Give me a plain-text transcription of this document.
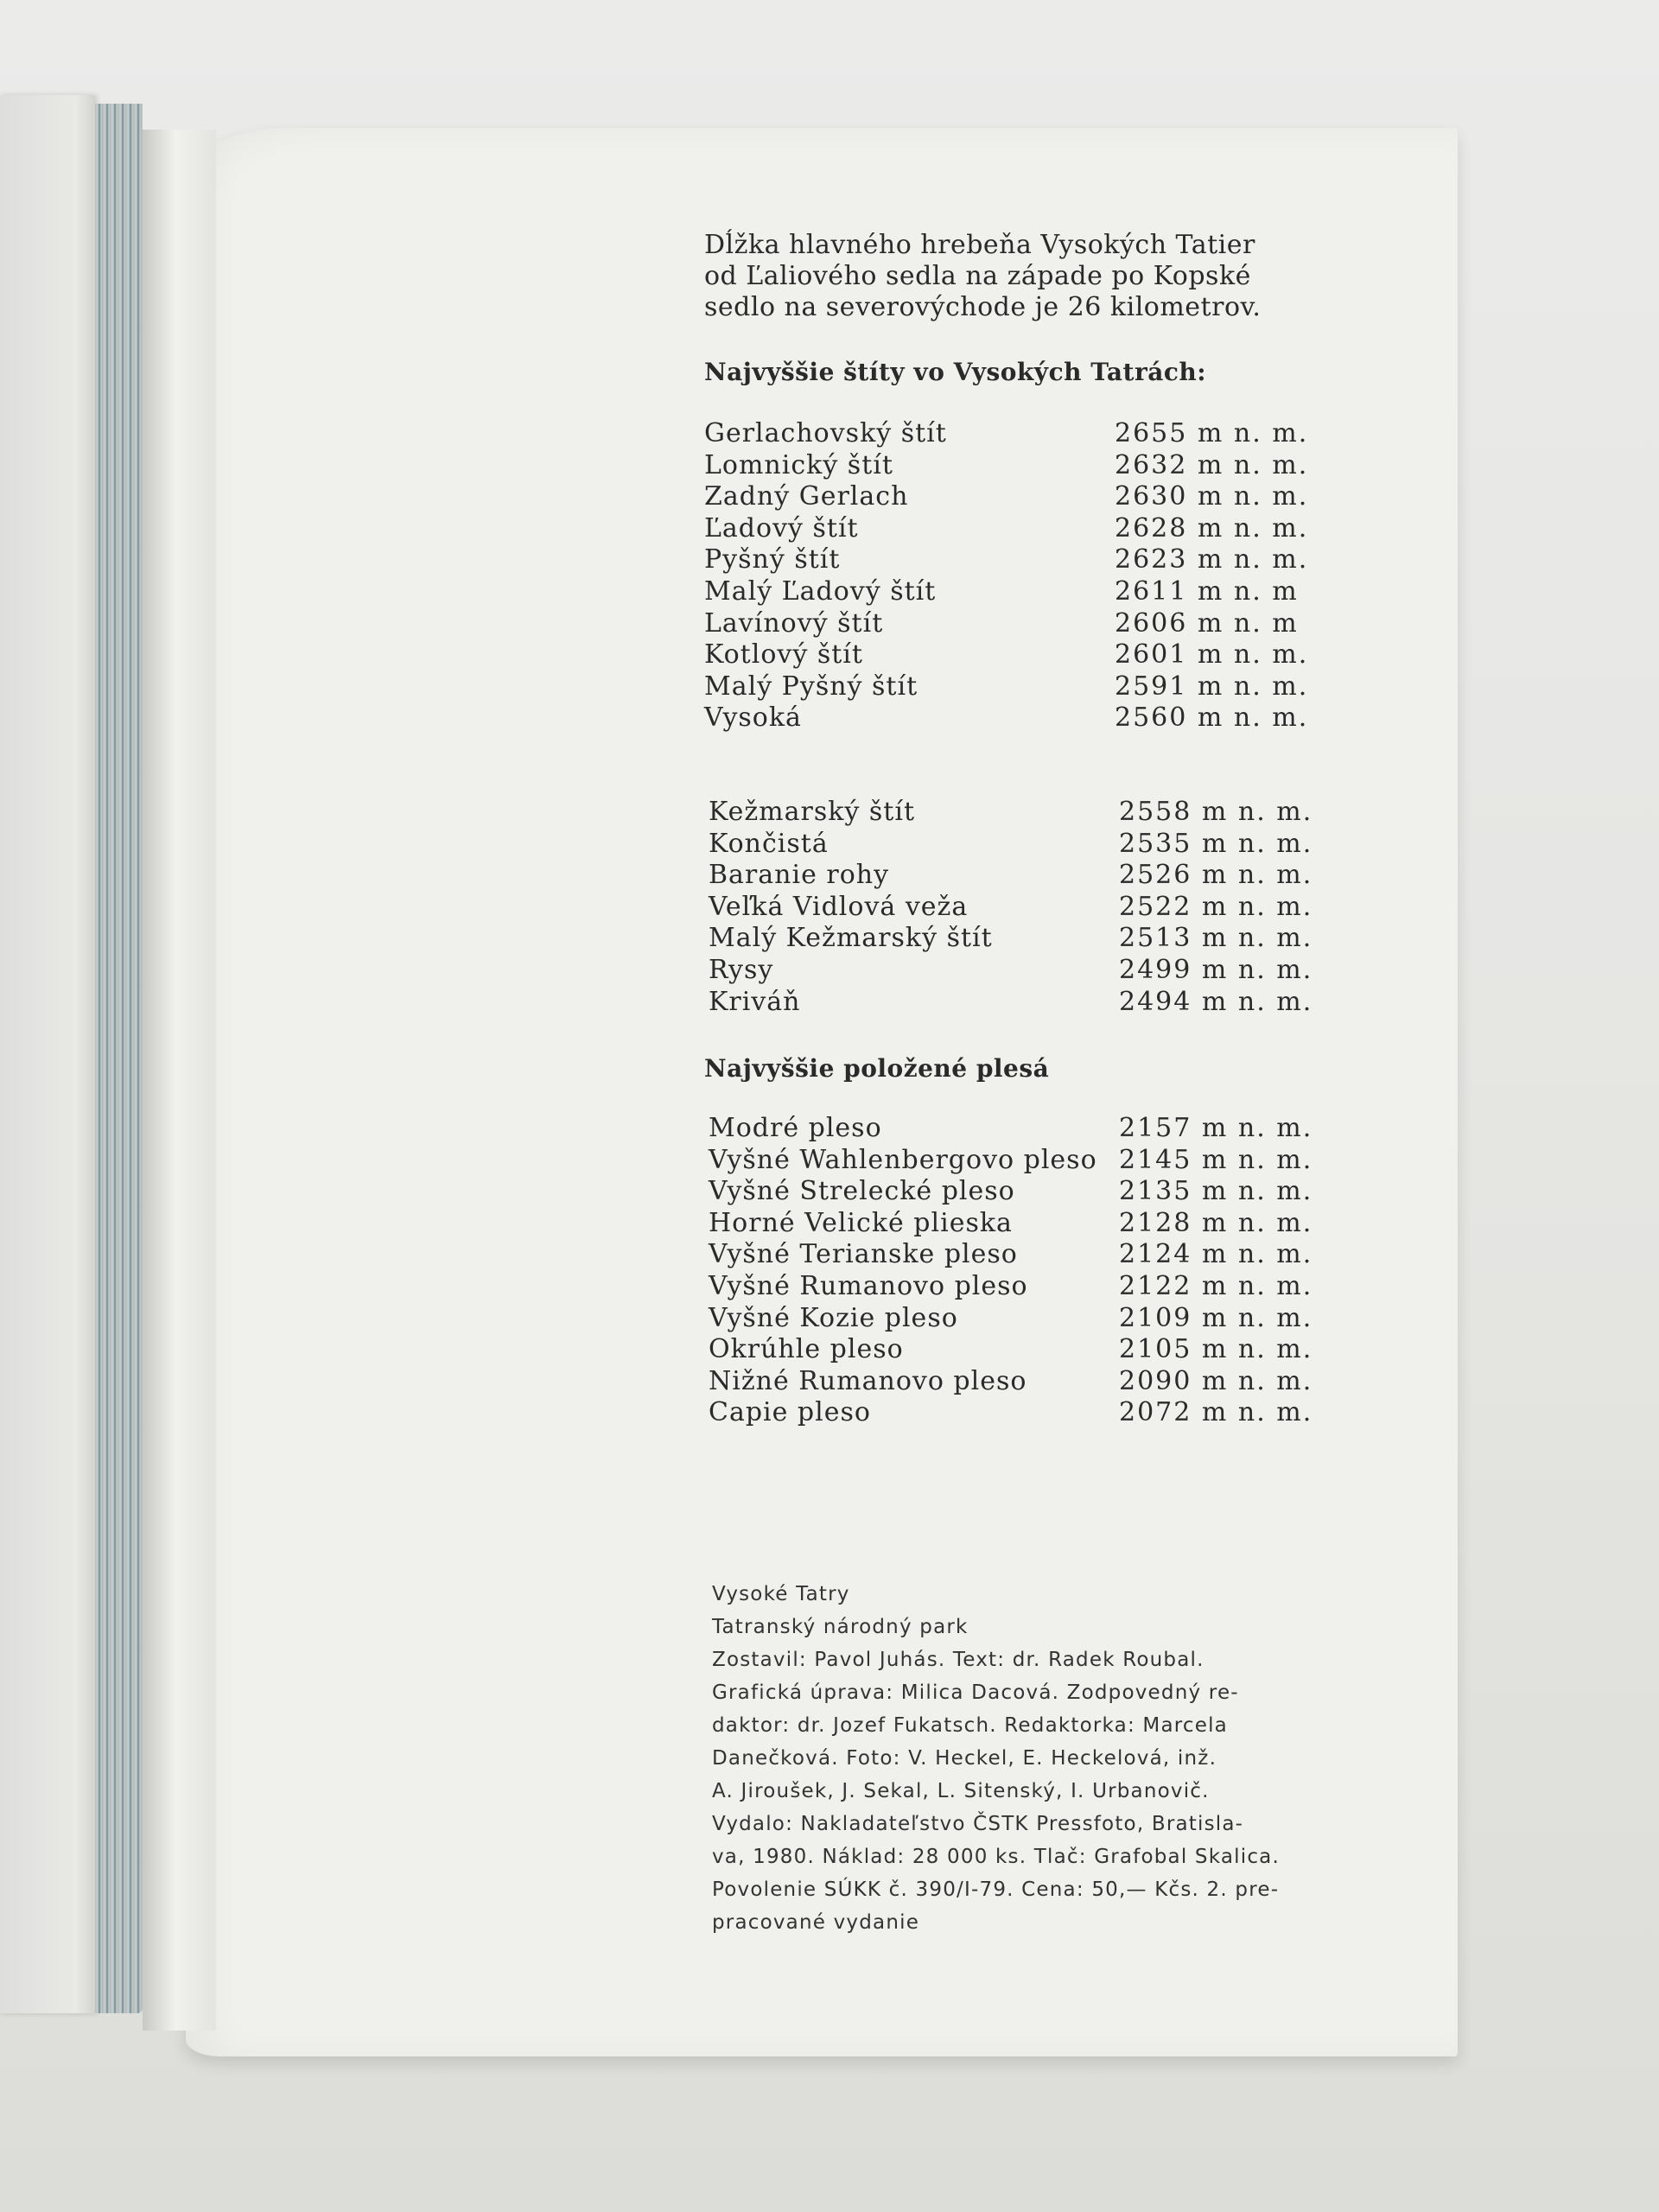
Dĺžka hlavného hrebeňa Vysokých Tatier
od Ľaliového sedla na západe po Kopské
sedlo na severovýchode je 26 kilometrov.

Najvyššie štíty vo Vysokých Tatrách:
Gerlachovský štít	2655 m n. m.
Lomnický štít	2632 m n. m.
Zadný Gerlach	2630 m n. m.
Ľadový štít	2628 m n. m.
Pyšný štít	2623 m n. m.
Malý Ľadový štít	2611 m n. m
Lavínový štít	2606 m n. m
Kotlový štít	2601 m n. m.
Malý Pyšný štít	2591 m n. m.
Vysoká	2560 m n. m.
Kežmarský štít	2558 m n. m.
Končistá	2535 m n. m.
Baranie rohy	2526 m n. m.
Veľká Vidlová veža	2522 m n. m.
Malý Kežmarský štít	2513 m n. m.
Rysy	2499 m n. m.
Kriváň	2494 m n. m.
Najvyššie položené plesá
Modré pleso	2157 m n. m.
Vyšné Wahlenbergovo pleso 2145 m n. m.
Vyšné Strelecké pleso	2135 m n. m.
Horné Velické plieska	2128 m n. m.
Vyšné Terianske pleso	2124 m n. m.
Vyšné Rumanovo pleso	2122 m n. m.
Vyšné Kozie pleso	2109 m n. m.
Okrúhle pleso	2105 m n. m.
Nižné Rumanovo pleso	2090 m n. m.
Capie pleso	2072 m n. m.

Vysoké Tatry
Tatranský národný park
Zostavil: Pavol Juhás. Text: dr. Radek Roubal.
Grafická úprava: Milica Dacová. Zodpovedný re-
daktor: dr. Jozef Fukatsch. Redaktorka: Marcela
Danečková. Foto: V. Heckel, E. Heckelová, inž.
A. Jiroušek, J. Sekal, L. Sitenský, I. Urbanovič.
Vydalo: Nakladateľstvo ČSTK Pressfoto, Bratisla-
va, 1980. Náklad: 28 000 ks. Tlač: Grafobal Skalica.
Povolenie SÚKK č. 390/I-79. Cena: 50,— Kčs. 2. pre-
pracované vydanie
